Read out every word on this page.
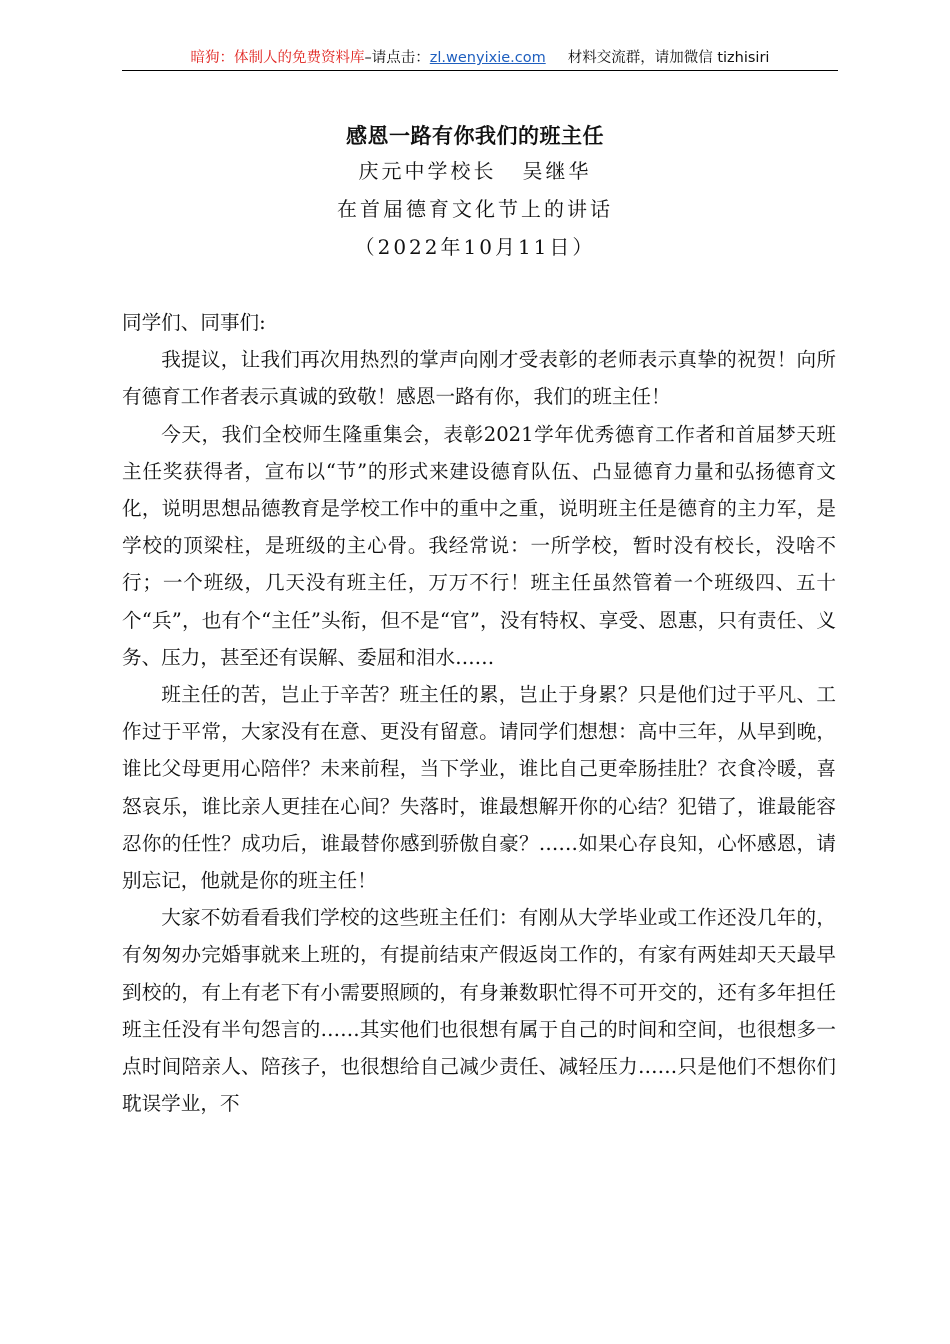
暗狗：体制人的免费资料库–请点击：zl.wenyixie.com 材料交流群，请加微信 tizhisiri
感恩一路有你我们的班主任

庆元中学校长 吴继华

在首届德育文化节上的讲话

（2022年10月11日）

同学们、同事们:

我提议，让我们再次用热烈的掌声向刚才受表彰的老师表示真挚的祝贺！向所有德育工作者表示真诚的致敬！感恩一路有你，我们的班主任！

今天，我们全校师生隆重集会，表彰2021学年优秀德育工作者和首届梦天班主任奖获得者，宣布以“节”的形式来建设德育队伍、凸显德育力量和弘扬德育文化，说明思想品德教育是学校工作中的重中之重，说明班主任是德育的主力军，是学校的顶梁柱，是班级的主心骨。我经常说：一所学校，暂时没有校长，没啥不行；一个班级，几天没有班主任，万万不行！班主任虽然管着一个班级四、五十个“兵”，也有个“主任”头衔，但不是“官”，没有特权、享受、恩惠，只有责任、义务、压力，甚至还有误解、委屈和泪水……

班主任的苦，岂止于辛苦？班主任的累，岂止于身累？只是他们过于平凡、工作过于平常，大家没有在意、更没有留意。请同学们想想：高中三年，从早到晚，谁比父母更用心陪伴？未来前程，当下学业，谁比自己更牵肠挂肚？衣食冷暖，喜怒哀乐，谁比亲人更挂在心间？失落时，谁最想解开你的心结？犯错了，谁最能容忍你的任性？成功后，谁最替你感到骄傲自豪？……如果心存良知，心怀感恩，请别忘记，他就是你的班主任！

大家不妨看看我们学校的这些班主任们：有刚从大学毕业或工作还没几年的，有匆匆办完婚事就来上班的，有提前结束产假返岗工作的，有家有两娃却天天最早到校的，有上有老下有小需要照顾的，有身兼数职忙得不可开交的，还有多年担任班主任没有半句怨言的……其实他们也很想有属于自己的时间和空间，也很想多一点时间陪亲人、陪孩子，也很想给自己减少责任、减轻压力……只是他们不想你们耽误学业，不
